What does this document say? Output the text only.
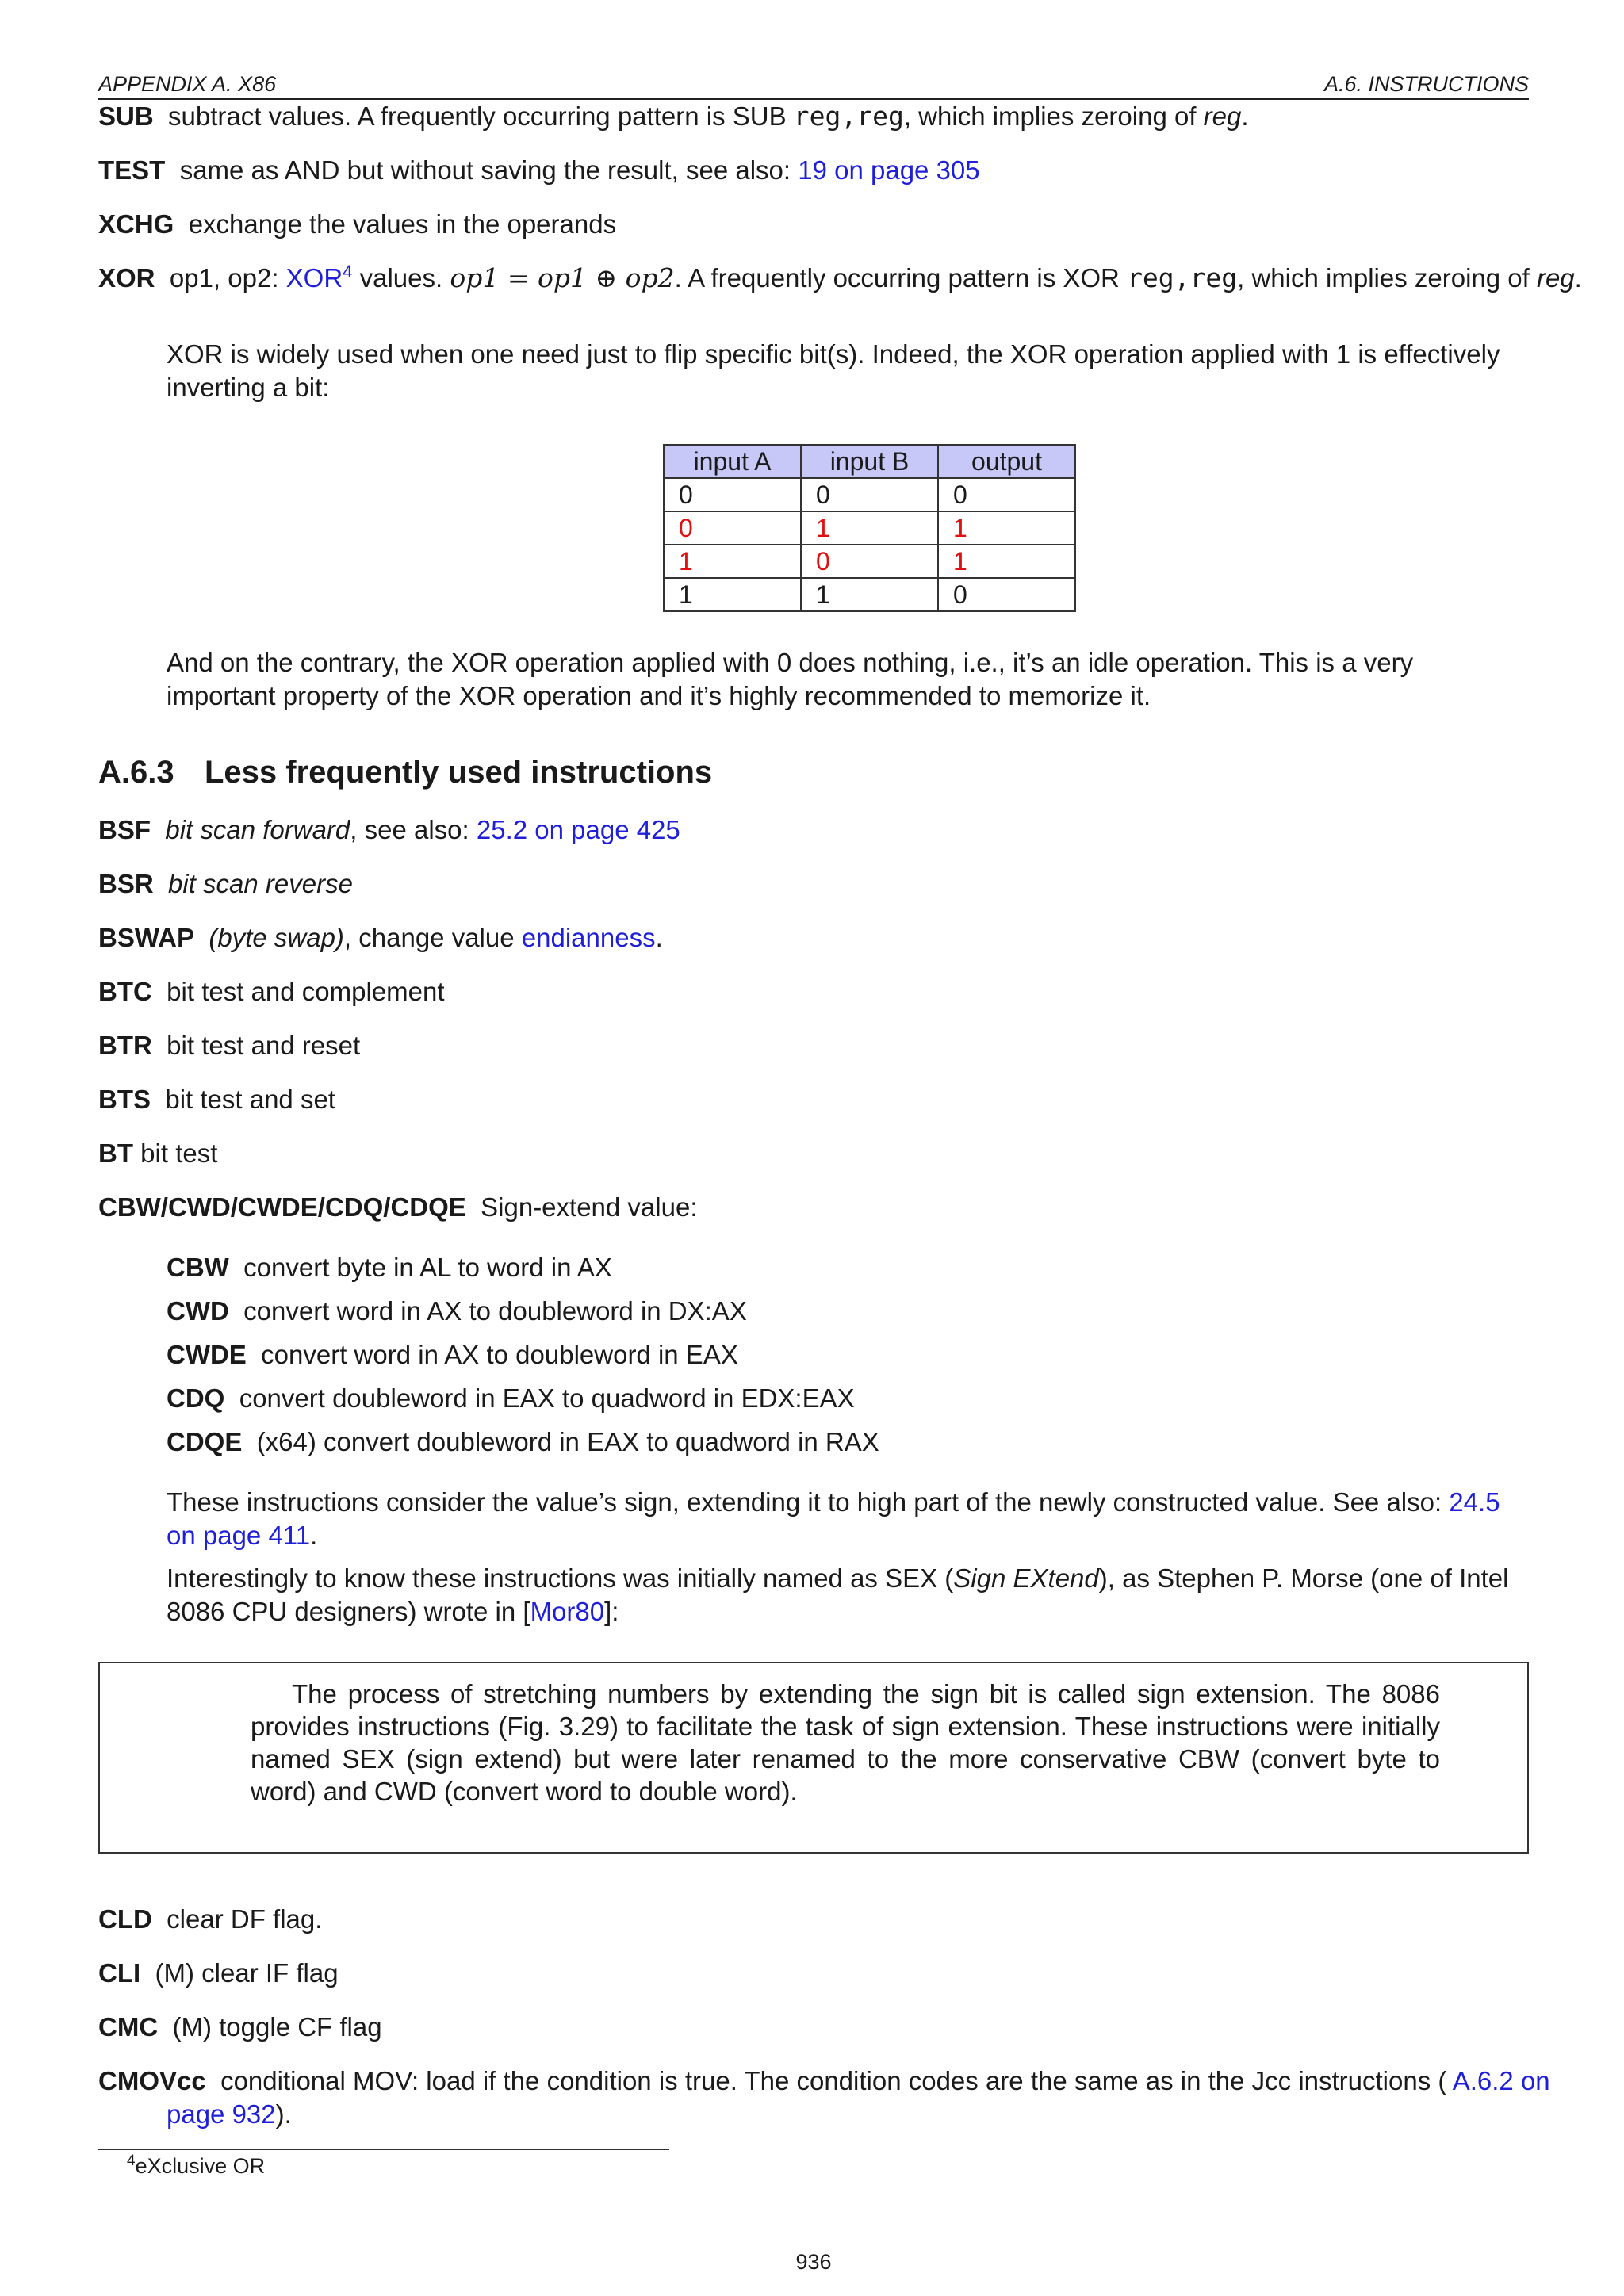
APPENDIX A. X86	A.6. INSTRUCTIONS
SUB subtract values. A frequently occurring pattern is SUB reg,reg, which implies zeroing of reg.
TEST same as AND but without saving the result, see also: 19 on page 305
XCHG exchange the values in the operands
XOR op1, op2: XOR$^4$ values. op1 = op1 ⊕ op2. A frequently occurring pattern is XOR reg,reg, which implies zeroing of reg.
XOR is widely used when one need just to flip specific bit(s). Indeed, the XOR operation applied with 1 is effectively inverting a bit:
input A	input B	output
0	0	0
0	1	1
1	0	1
1	1	0
And on the contrary, the XOR operation applied with 0 does nothing, i.e., it’s an idle operation. This is a very important property of the XOR operation and it’s highly recommended to memorize it.
A.6.3 Less frequently used instructions
BSF bit scan forward, see also: 25.2 on page 425
BSR bit scan reverse
BSWAP (byte swap), change value endianness.
BTC bit test and complement
BTR bit test and reset
BTS bit test and set
BT bit test
CBW/CWD/CWDE/CDQ/CDQE Sign-extend value:
CBW convert byte in AL to word in AX
CWD convert word in AX to doubleword in DX:AX
CWDE convert word in AX to doubleword in EAX
CDQ convert doubleword in EAX to quadword in EDX:EAX
CDQE (x64) convert doubleword in EAX to quadword in RAX
These instructions consider the value’s sign, extending it to high part of the newly constructed value. See also: 24.5 on page 411.
Interestingly to know these instructions was initially named as SEX (Sign EXtend), as Stephen P. Morse (one of Intel 8086 CPU designers) wrote in [Mor80]:
The process of stretching numbers by extending the sign bit is called sign extension. The 8086 provides instructions (Fig. 3.29) to facilitate the task of sign extension. These instructions were initially named SEX (sign extend) but were later renamed to the more conservative CBW (convert byte to word) and CWD (convert word to double word).
CLD clear DF flag.
CLI (M) clear IF flag
CMC (M) toggle CF flag
CMOVcc conditional MOV: load if the condition is true. The condition codes are the same as in the Jcc instructions ( A.6.2 on page 932).
$^4$eXclusive OR
936
